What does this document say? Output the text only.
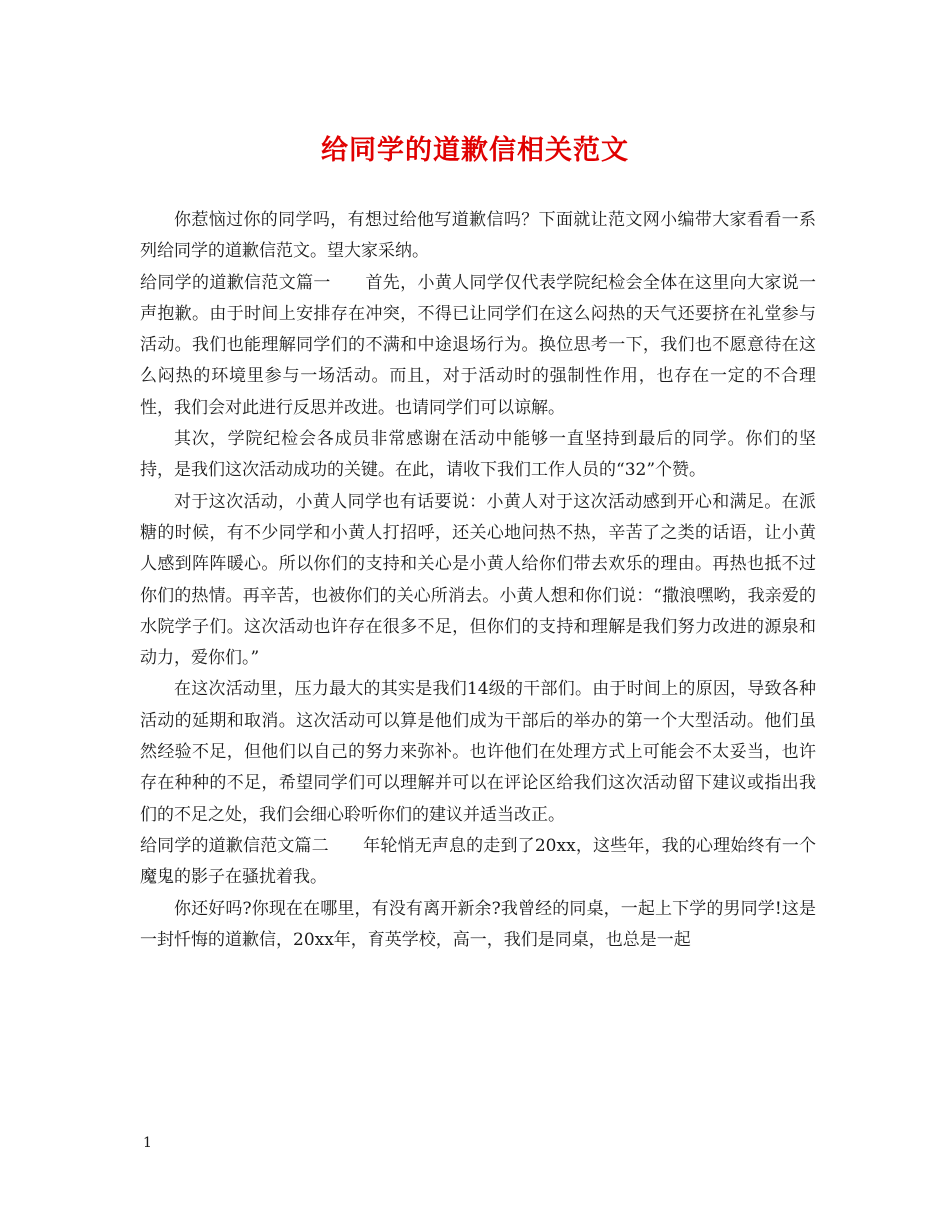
给同学的道歉信相关范文

你惹恼过你的同学吗，有想过给他写道歉信吗？下面就让范文网小编带大家看看一系列给同学的道歉信范文。望大家采纳。

给同学的道歉信范文篇一　　首先，小黄人同学仅代表学院纪检会全体在这里向大家说一声抱歉。由于时间上安排存在冲突，不得已让同学们在这么闷热的天气还要挤在礼堂参与活动。我们也能理解同学们的不满和中途退场行为。换位思考一下，我们也不愿意待在这么闷热的环境里参与一场活动。而且，对于活动时的强制性作用，也存在一定的不合理性，我们会对此进行反思并改进。也请同学们可以谅解。

其次，学院纪检会各成员非常感谢在活动中能够一直坚持到最后的同学。你们的坚持，是我们这次活动成功的关键。在此，请收下我们工作人员的“32”个赞。

对于这次活动，小黄人同学也有话要说：小黄人对于这次活动感到开心和满足。在派糖的时候，有不少同学和小黄人打招呼，还关心地问热不热，辛苦了之类的话语，让小黄人感到阵阵暖心。所以你们的支持和关心是小黄人给你们带去欢乐的理由。再热也抵不过你们的热情。再辛苦，也被你们的关心所消去。小黄人想和你们说：“撒浪嘿哟，我亲爱的水院学子们。这次活动也许存在很多不足，但你们的支持和理解是我们努力改进的源泉和动力，爱你们。”

在这次活动里，压力最大的其实是我们14级的干部们。由于时间上的原因，导致各种活动的延期和取消。这次活动可以算是他们成为干部后的举办的第一个大型活动。他们虽然经验不足，但他们以自己的努力来弥补。也许他们在处理方式上可能会不太妥当，也许存在种种的不足，希望同学们可以理解并可以在评论区给我们这次活动留下建议或指出我们的不足之处，我们会细心聆听你们的建议并适当改正。

给同学的道歉信范文篇二　　年轮悄无声息的走到了20xx，这些年，我的心理始终有一个魔鬼的影子在骚扰着我。

你还好吗?你现在在哪里，有没有离开新余?我曾经的同桌，一起上下学的男同学!这是一封忏悔的道歉信，20xx年，育英学校，高一，我们是同桌，也总是一起

1
